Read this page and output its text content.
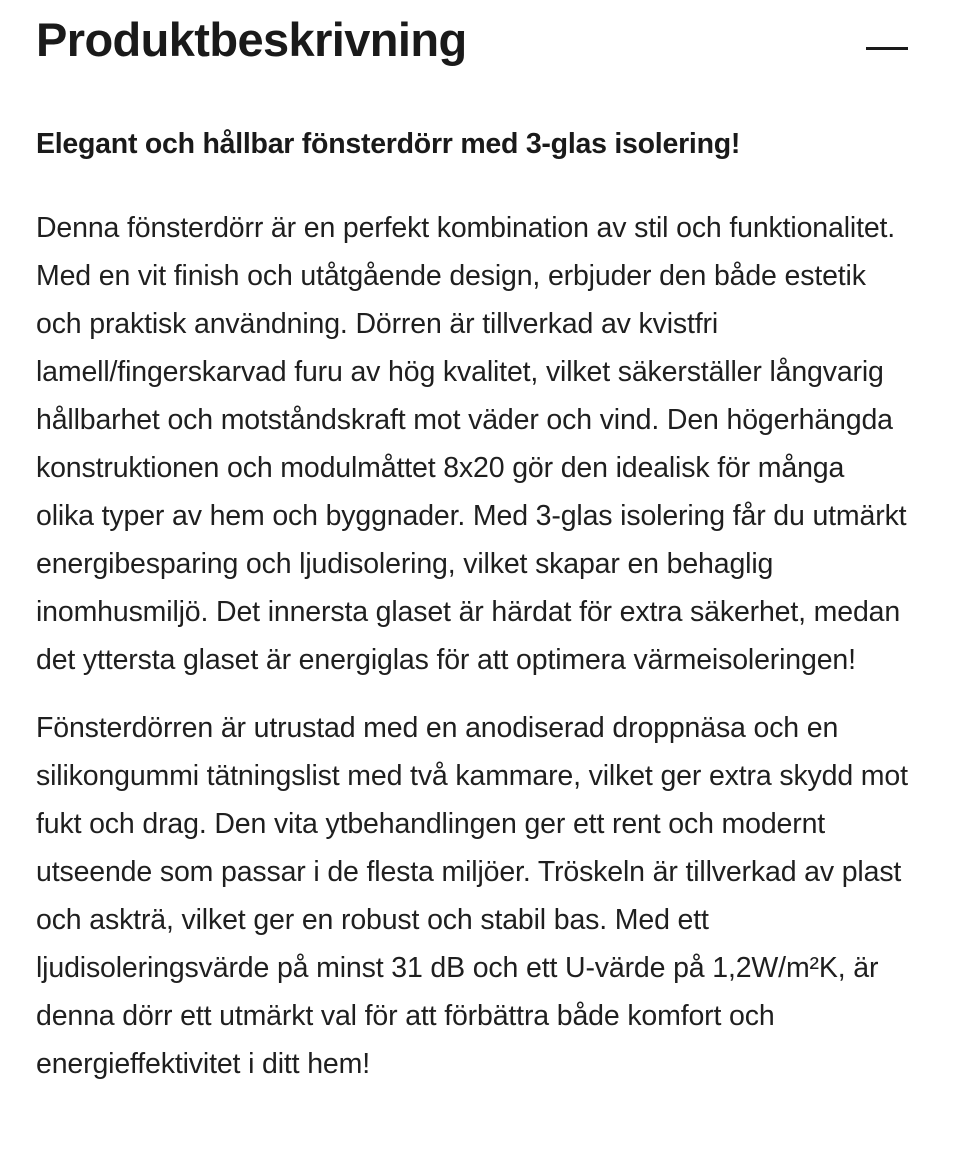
Produktbeskrivning
Elegant och hållbar fönsterdörr med 3-glas isolering!

Denna fönsterdörr är en perfekt kombination av stil och funktionalitet. Med en vit finish och utåtgående design, erbjuder den både estetik och praktisk användning. Dörren är tillverkad av kvistfri lamell/fingerskarvad furu av hög kvalitet, vilket säkerställer långvarig hållbarhet och motståndskraft mot väder och vind. Den högerhängda konstruktionen och modulmåttet 8x20 gör den idealisk för många olika typer av hem och byggnader. Med 3-glas isolering får du utmärkt energibesparing och ljudisolering, vilket skapar en behaglig inomhusmiljö. Det innersta glaset är härdat för extra säkerhet, medan det yttersta glaset är energiglas för att optimera värmeisoleringen!

Fönsterdörren är utrustad med en anodiserad droppnäsa och en silikongummi tätningslist med två kammare, vilket ger extra skydd mot fukt och drag. Den vita ytbehandlingen ger ett rent och modernt utseende som passar i de flesta miljöer. Tröskeln är tillverkad av plast och askträ, vilket ger en robust och stabil bas. Med ett ljudisoleringsvärde på minst 31 dB och ett U-värde på 1,2W/m²K, är denna dörr ett utmärkt val för att förbättra både komfort och energieffektivitet i ditt hem!
